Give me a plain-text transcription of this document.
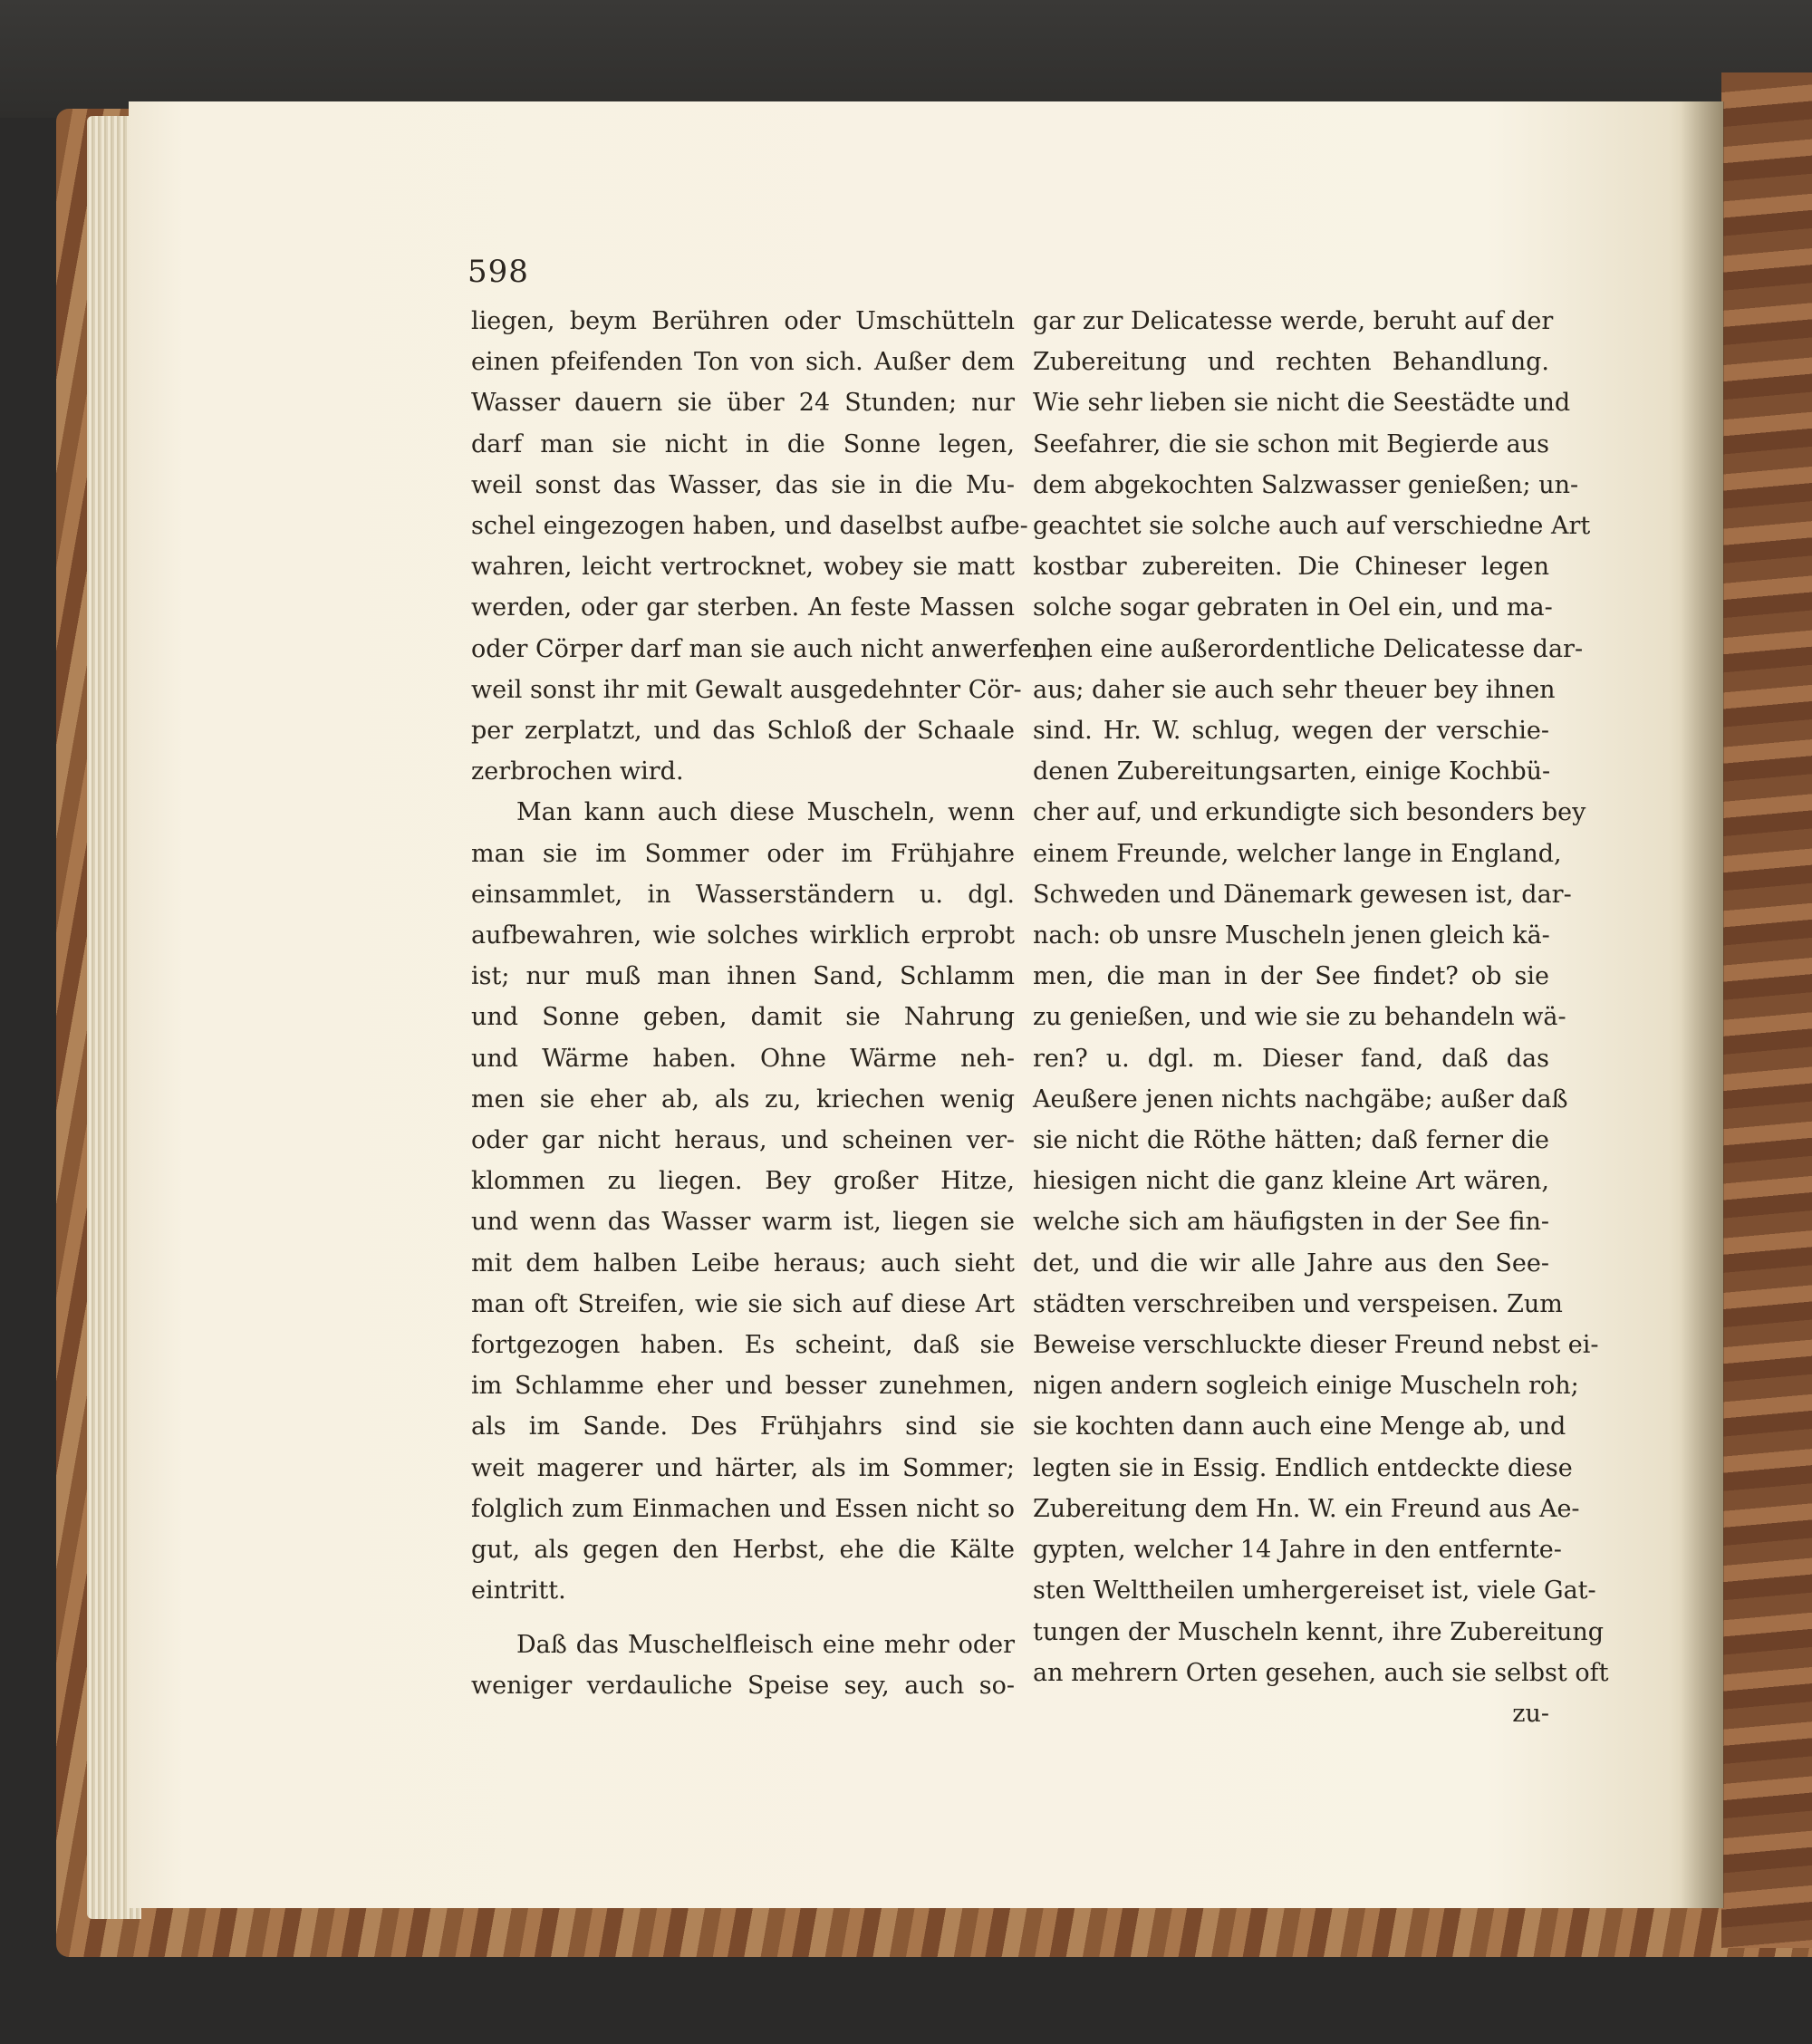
598
liegen, beym Berühren oder Umschütteln
einen pfeifenden Ton von sich. Außer dem
Wasser dauern sie über 24 Stunden; nur
darf man sie nicht in die Sonne legen,
weil sonst das Wasser, das sie in die Mu-
schel eingezogen haben, und daselbst aufbe-
wahren, leicht vertrocknet, wobey sie matt
werden, oder gar sterben. An feste Massen
oder Cörper darf man sie auch nicht anwerfen,
weil sonst ihr mit Gewalt ausgedehnter Cör-
per zerplatzt, und das Schloß der Schaale
zerbrochen wird.
Man kann auch diese Muscheln, wenn
man sie im Sommer oder im Frühjahre
einsammlet, in Wasserständern u. dgl.
aufbewahren, wie solches wirklich erprobt
ist; nur muß man ihnen Sand, Schlamm
und Sonne geben, damit sie Nahrung
und Wärme haben. Ohne Wärme neh-
men sie eher ab, als zu, kriechen wenig
oder gar nicht heraus, und scheinen ver-
klommen zu liegen. Bey großer Hitze,
und wenn das Wasser warm ist, liegen sie
mit dem halben Leibe heraus; auch sieht
man oft Streifen, wie sie sich auf diese Art
fortgezogen haben. Es scheint, daß sie
im Schlamme eher und besser zunehmen,
als im Sande. Des Frühjahrs sind sie
weit magerer und härter, als im Sommer;
folglich zum Einmachen und Essen nicht so
gut, als gegen den Herbst, ehe die Kälte
eintritt.
Daß das Muschelfleisch eine mehr oder
weniger verdauliche Speise sey, auch so-
gar zur Delicatesse werde, beruht auf der
Zubereitung und rechten Behandlung.
Wie sehr lieben sie nicht die Seestädte und
Seefahrer, die sie schon mit Begierde aus
dem abgekochten Salzwasser genießen; un-
geachtet sie solche auch auf verschiedne Art
kostbar zubereiten. Die Chineser legen
solche sogar gebraten in Oel ein, und ma-
chen eine außerordentliche Delicatesse dar-
aus; daher sie auch sehr theuer bey ihnen
sind. Hr. W. schlug, wegen der verschie-
denen Zubereitungsarten, einige Kochbü-
cher auf, und erkundigte sich besonders bey
einem Freunde, welcher lange in England,
Schweden und Dänemark gewesen ist, dar-
nach: ob unsre Muscheln jenen gleich kä-
men, die man in der See findet? ob sie
zu genießen, und wie sie zu behandeln wä-
ren? u. dgl. m. Dieser fand, daß das
Aeußere jenen nichts nachgäbe; außer daß
sie nicht die Röthe hätten; daß ferner die
hiesigen nicht die ganz kleine Art wären,
welche sich am häufigsten in der See fin-
det, und die wir alle Jahre aus den See-
städten verschreiben und verspeisen. Zum
Beweise verschluckte dieser Freund nebst ei-
nigen andern sogleich einige Muscheln roh;
sie kochten dann auch eine Menge ab, und
legten sie in Essig. Endlich entdeckte diese
Zubereitung dem Hn. W. ein Freund aus Ae-
gypten, welcher 14 Jahre in den entfernte-
sten Welttheilen umhergereiset ist, viele Gat-
tungen der Muscheln kennt, ihre Zubereitung
an mehrern Orten gesehen, auch sie selbst oft
zu-
